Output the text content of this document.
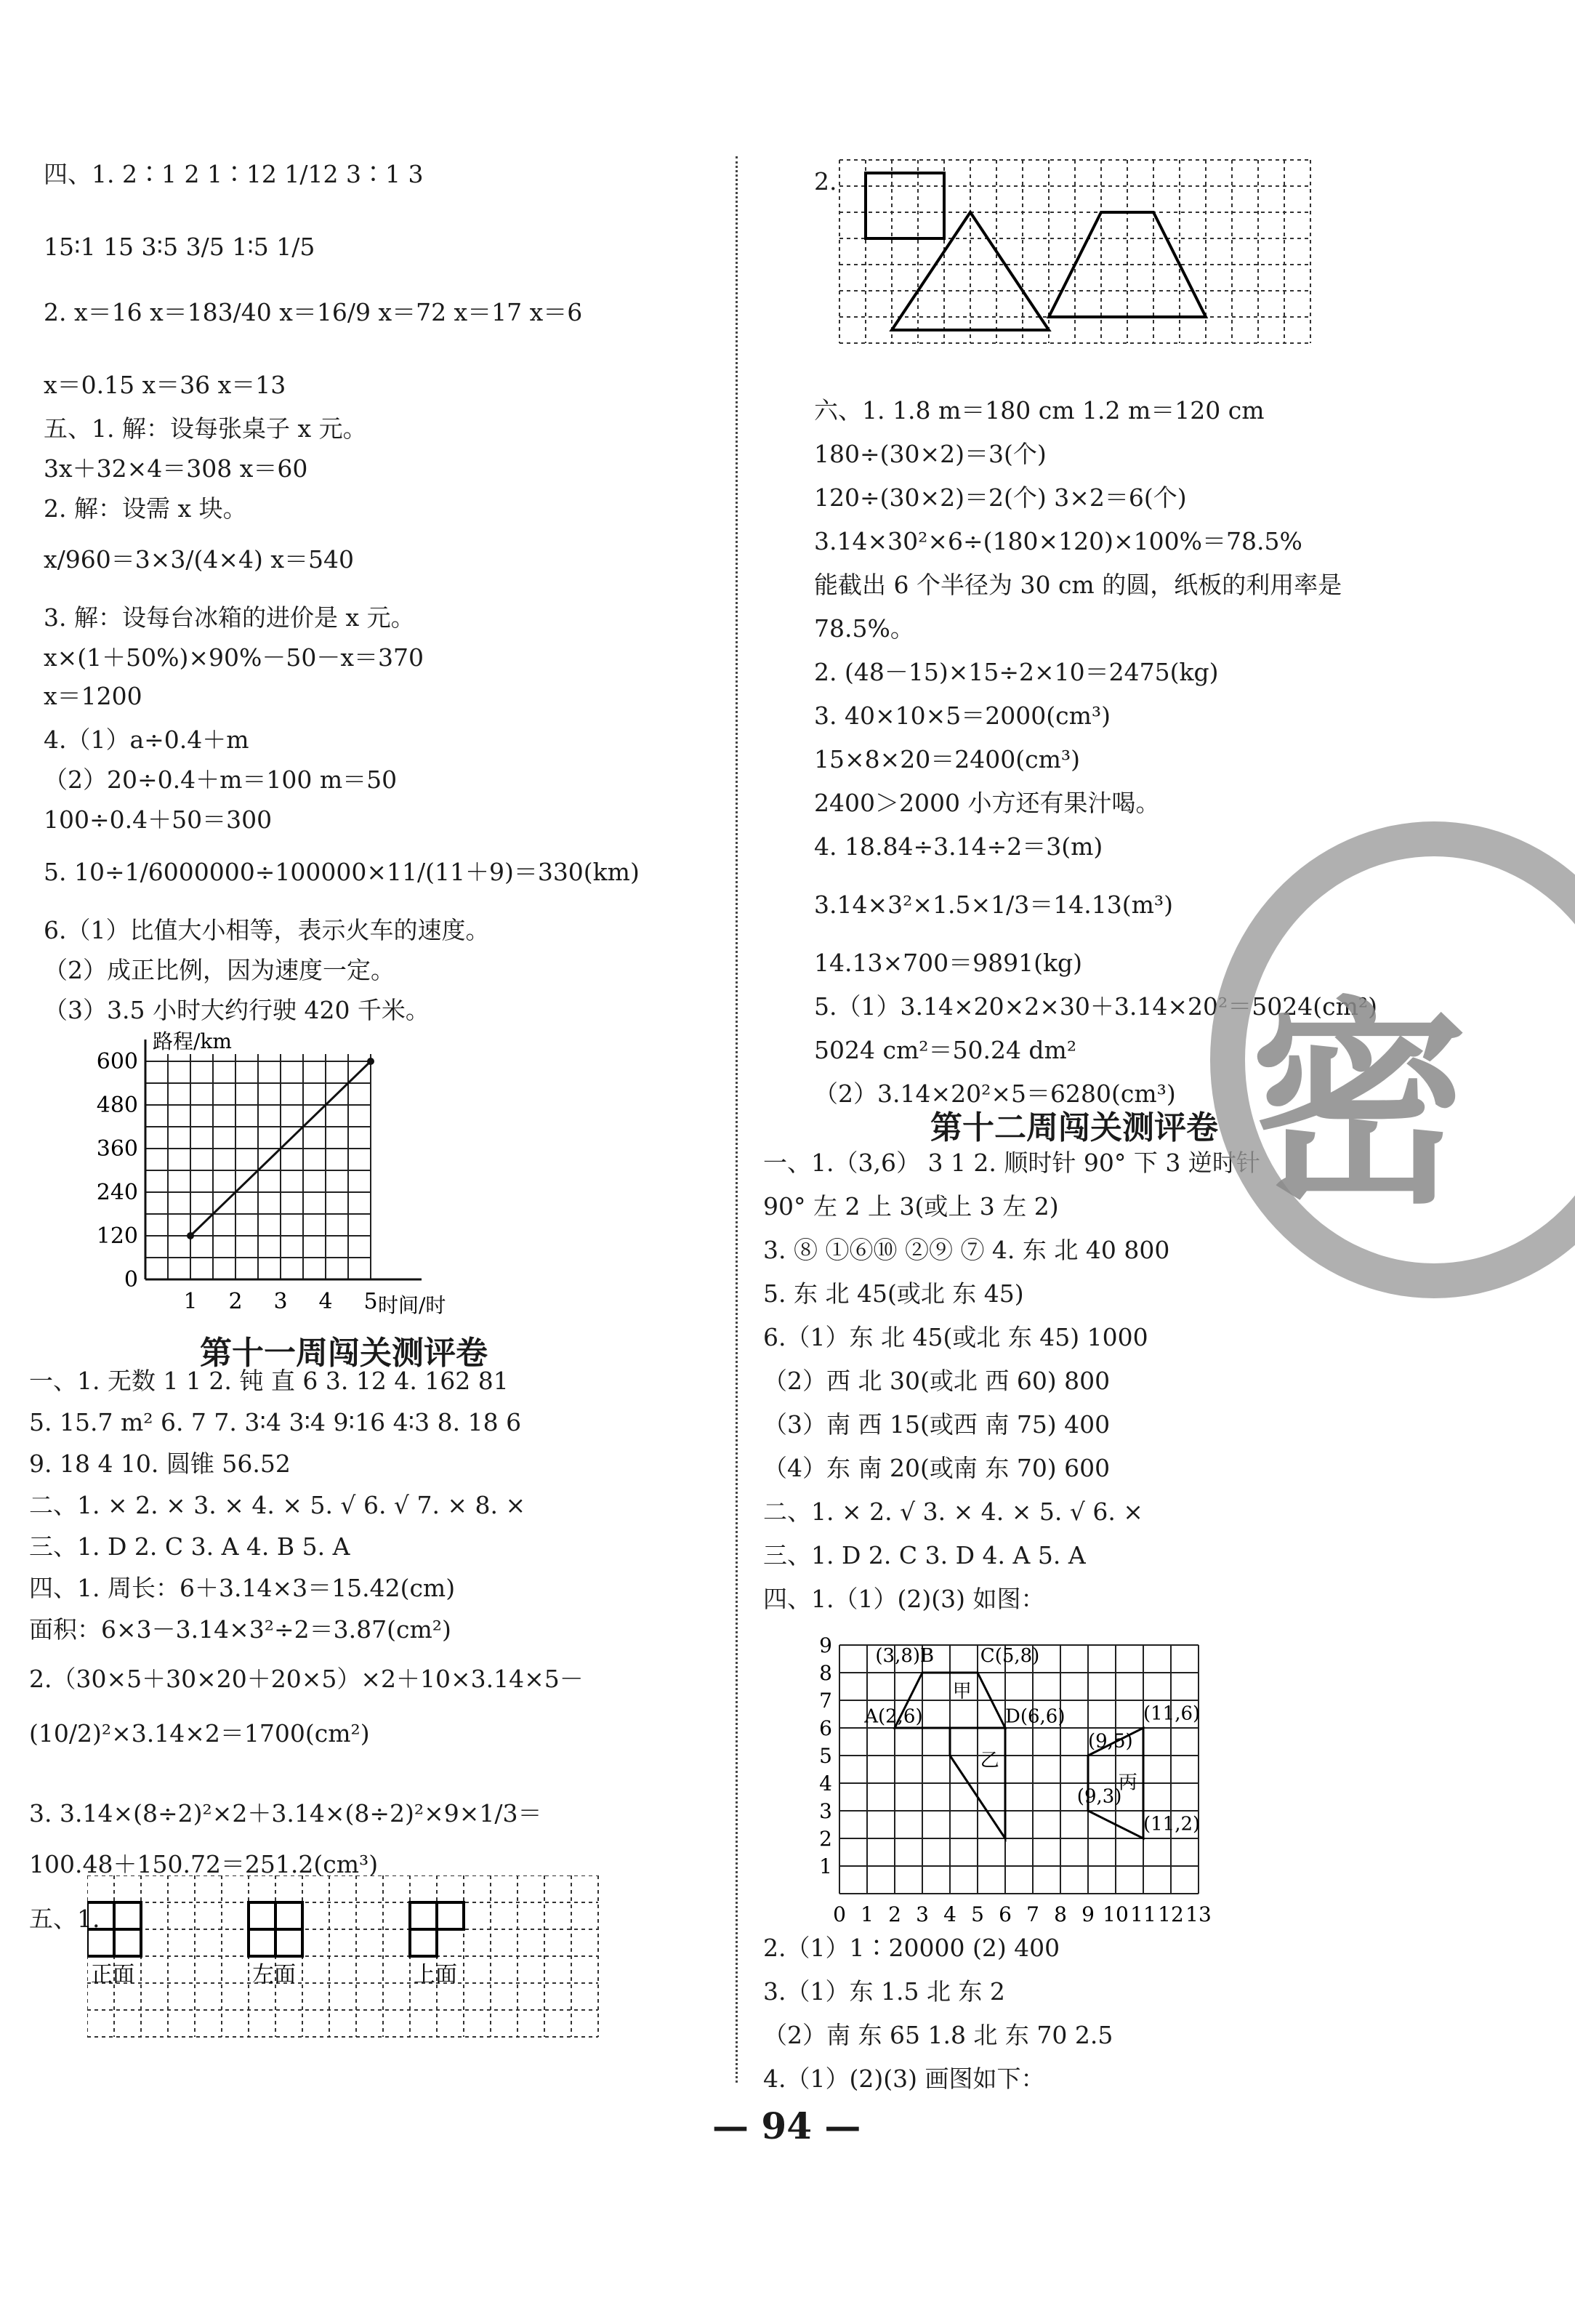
四、1. 2∶1 2 1∶12 1/12 3∶1 3
15∶1 15 3∶5 3/5 1∶5 1/5
2. x＝16 x＝183/40 x＝16/9 x＝72 x＝17 x＝6
x＝0.15 x＝36 x＝13
五、1. 解：设每张桌子 x 元。
3x＋32×4＝308 x＝60
2. 解：设需 x 块。
x/960＝3×3/(4×4) x＝540
3. 解：设每台冰箱的进价是 x 元。
x×(1＋50%)×90%－50－x＝370
x＝1200
4.（1）a÷0.4＋m
（2）20÷0.4＋m＝100 m＝50
100÷0.4＋50＝300
5. 10÷1/6000000÷100000×11/(11＋9)＝330(km)
6.（1）比值大小相等，表示火车的速度。
（2）成正比例，因为速度一定。
（3）3.5 小时大约行驶 420 千米。
0
120
240
360
480
600
1 2 3 4 5
路程/km
时间/时
第十一周闯关测评卷
一、1. 无数 1 1 2. 钝 直 6 3. 12 4. 162 81
5. 15.7 m² 6. 7 7. 3∶4 3∶4 9∶16 4∶3 8. 18 6
9. 18 4 10. 圆锥 56.52
二、1. × 2. × 3. × 4. × 5. √ 6. √ 7. × 8. ×
三、1. D 2. C 3. A 4. B 5. A
四、1. 周长：6＋3.14×3＝15.42(cm)
面积：6×3－3.14×3²÷2＝3.87(cm²)
2.（30×5＋30×20＋20×5）×2＋10×3.14×5－
(10/2)²×3.14×2＝1700(cm²)
3. 3.14×(8÷2)²×2＋3.14×(8÷2)²×9×1/3＝
100.48＋150.72＝251.2(cm³)
五、1.
正面	左面	上面
2.
六、1. 1.8 m＝180 cm 1.2 m＝120 cm
180÷(30×2)＝3(个)
120÷(30×2)＝2(个) 3×2＝6(个)
3.14×30²×6÷(180×120)×100%＝78.5%
能截出 6 个半径为 30 cm 的圆，纸板的利用率是
78.5%。
2. (48－15)×15÷2×10＝2475(kg)
3. 40×10×5＝2000(cm³)
15×8×20＝2400(cm³)
2400＞2000 小方还有果汁喝。
4. 18.84÷3.14÷2＝3(m)
3.14×3²×1.5×1/3＝14.13(m³)
14.13×700＝9891(kg)
5.（1）3.14×20×2×30＋3.14×20²＝5024(cm²)
5024 cm²＝50.24 dm²
（2）3.14×20²×5＝6280(cm³)
第十二周闯关测评卷
一、1.（3,6） 3 1 2. 顺时针 90° 下 3 逆时针
90° 左 2 上 3(或上 3 左 2)
3. ⑧ ①⑥⑩ ②⑨ ⑦ 4. 东 北 40 800
5. 东 北 45(或北 东 45)
6.（1）东 北 45(或北 东 45) 1000
（2）西 北 30(或北 西 60) 800
（3）南 西 15(或西 南 75) 400
（4）东 南 20(或南 东 70) 600
二、1. × 2. √ 3. × 4. × 5. √ 6. ×
三、1. D 2. C 3. D 4. A 5. A
四、1.（1）(2)(3) 如图：
2.（1）1∶20000 (2) 400
3.（1）东 1.5 北 东 2
（2）南 东 65 1.8 北 东 70 2.5
4.（1）(2)(3) 画图如下：
1
2
3
4
5
6
7
8
9
0 1 2 3 4 5 6 7 8 9 10 11 12 13
(3,8)B C(5,8)
A(2,6)	D(6,6)	(11,6)
(9,5)
(9,3)
(11,2)
甲
乙
丙
密
— 94 —
